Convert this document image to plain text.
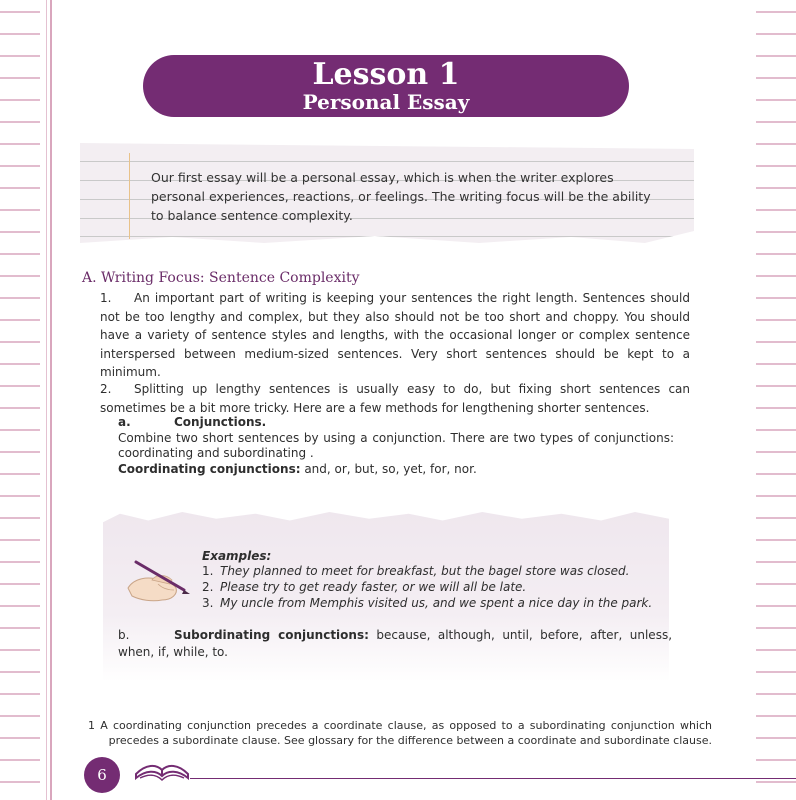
Lesson 1
Personal Essay
Our first essay will be a personal essay, which is when the writer explores personal experiences, reactions, or feelings. The writing focus will be the ability to balance sentence complexity.
A. Writing Focus: Sentence Complexity
1. An important part of writing is keeping your sentences the right length. Sentences should not be too lengthy and complex, but they also should not be too short and choppy. You should have a variety of sentence styles and lengths, with the occasional longer or complex sentence interspersed between medium-sized sentences. Very short sentences should be kept to a minimum.
2. Splitting up lengthy sentences is usually easy to do, but fixing short sentences can sometimes be a bit more tricky. Here are a few methods for lengthening shorter sentences.
a.	Conjunctions.
Combine two short sentences by using a conjunction. There are two types of conjunctions: coordinating and subordinating .
Coordinating conjunctions: and, or, but, so, yet, for, nor.
Examples:
1. They planned to meet for breakfast, but the bagel store was closed.
2. Please try to get ready faster, or we will all be late.
3. My uncle from Memphis visited us, and we spent a nice day in the park.
b.	Subordinating conjunctions: because, although, until, before, after, unless, when, if, while, to.
1 A coordinating conjunction precedes a coordinate clause, as opposed to a subordinating conjunction which precedes a subordinate clause. See glossary for the difference between a coordinate and subordinate clause.
6
